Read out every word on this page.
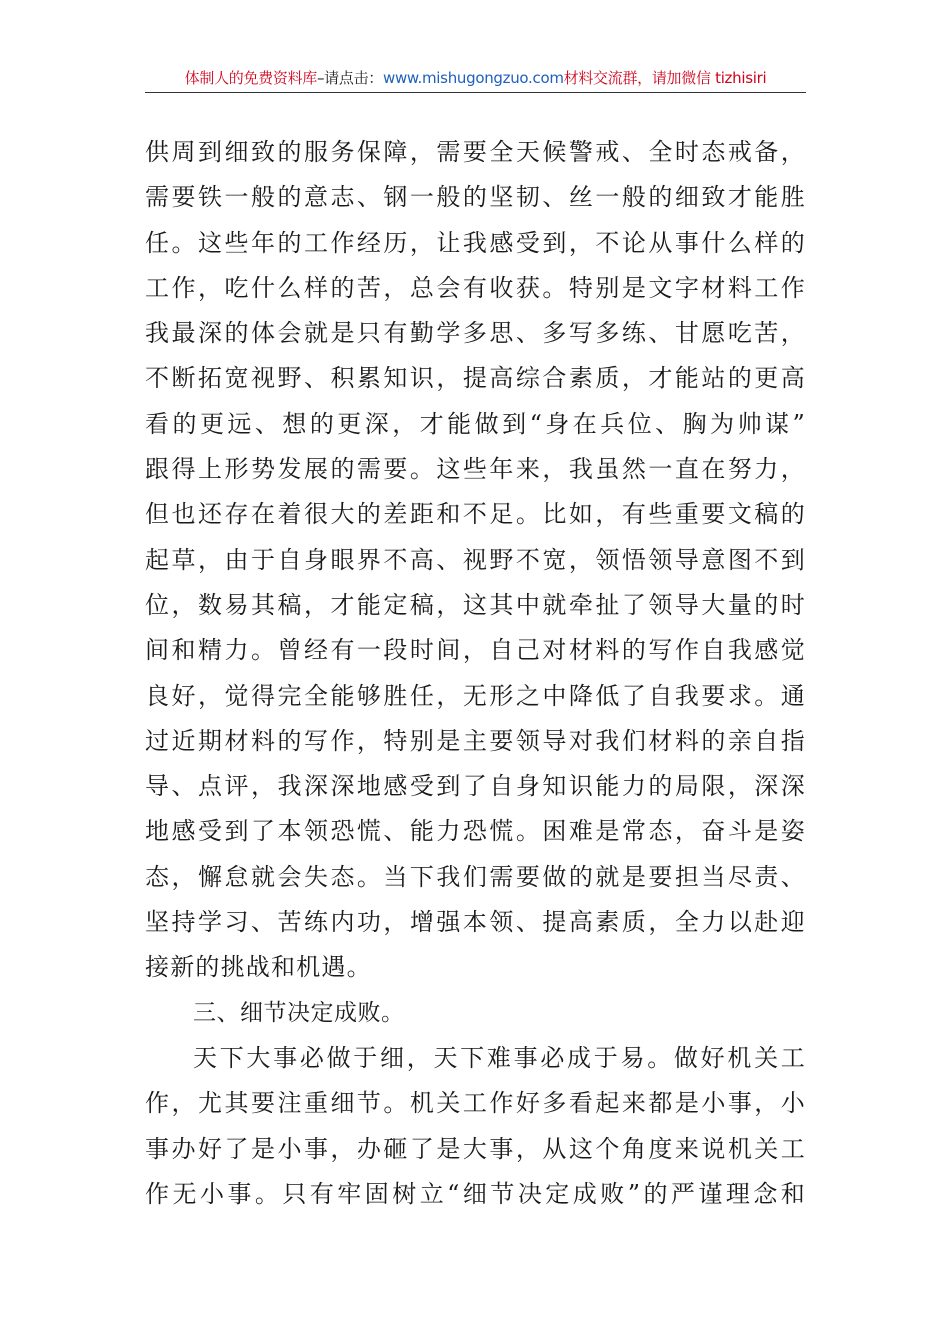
体制人的免费资料库–请点击：www.mishugongzuo.com材料交流群，请加微信 tizhisiri
供周到细致的服务保障，需要全天候警戒、全时态戒备，
需要铁一般的意志、钢一般的坚韧、丝一般的细致才能胜
任。这些年的工作经历，让我感受到，不论从事什么样的
工作，吃什么样的苦，总会有收获。特别是文字材料工作
我最深的体会就是只有勤学多思、多写多练、甘愿吃苦，
不断拓宽视野、积累知识，提高综合素质，才能站的更高
看的更远、想的更深，才能做到“身在兵位、胸为帅谋”
跟得上形势发展的需要。这些年来，我虽然一直在努力，
但也还存在着很大的差距和不足。比如，有些重要文稿的
起草，由于自身眼界不高、视野不宽，领悟领导意图不到
位，数易其稿，才能定稿，这其中就牵扯了领导大量的时
间和精力。曾经有一段时间，自己对材料的写作自我感觉
良好，觉得完全能够胜任，无形之中降低了自我要求。通
过近期材料的写作，特别是主要领导对我们材料的亲自指
导、点评，我深深地感受到了自身知识能力的局限，深深
地感受到了本领恐慌、能力恐慌。困难是常态，奋斗是姿
态，懈怠就会失态。当下我们需要做的就是要担当尽责、
坚持学习、苦练内功，增强本领、提高素质，全力以赴迎
接新的挑战和机遇。
三、细节决定成败。
天下大事必做于细，天下难事必成于易。做好机关工
作，尤其要注重细节。机关工作好多看起来都是小事，小
事办好了是小事，办砸了是大事，从这个角度来说机关工
作无小事。只有牢固树立“细节决定成败”的严谨理念和
